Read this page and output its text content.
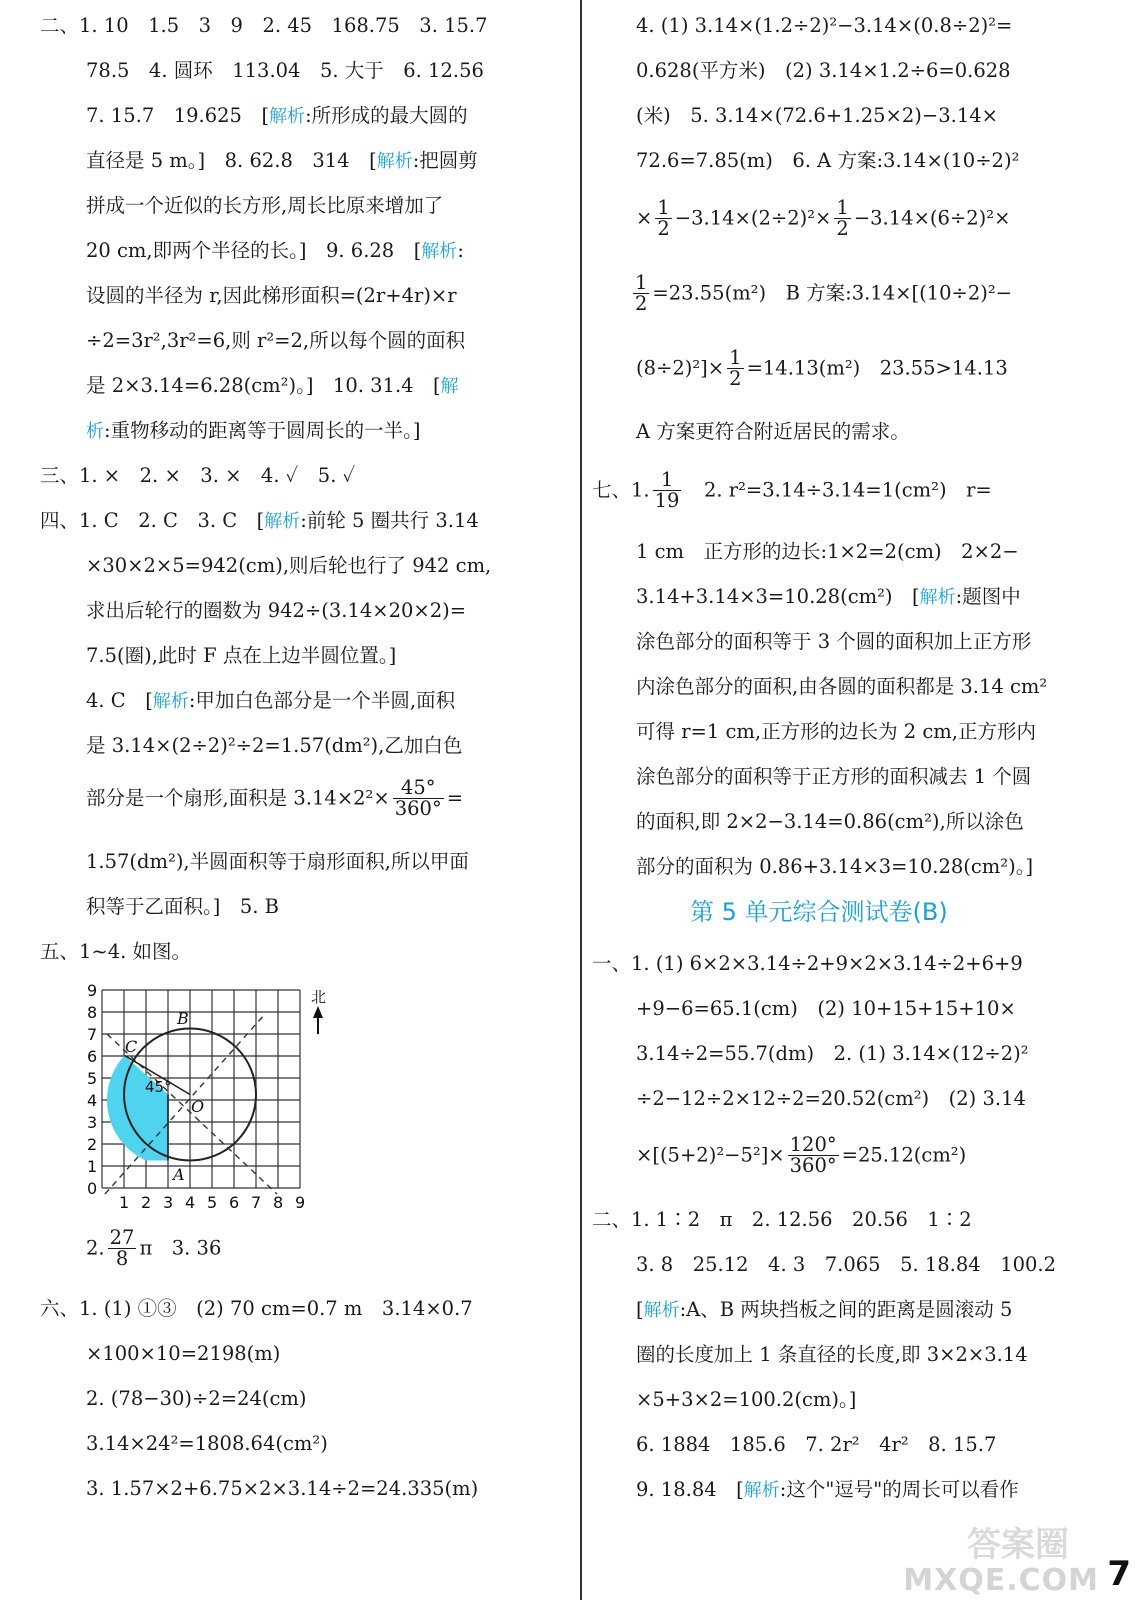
二、1. 10　1.5　3　9　2. 45　168.75　3. 15.7
78.5　4. 圆环　113.04　5. 大于　6. 12.56
7. 15.7　19.625　[解析:所形成的最大圆的
直径是 5 m。]　8. 62.8　314　[解析:把圆剪
拼成一个近似的长方形,周长比原来增加了
20 cm,即两个半径的长。]　9. 6.28　[解析:
设圆的半径为 r,因此梯形面积=(2r+4r)×r
÷2=3r²,3r²=6,则 r²=2,所以每个圆的面积
是 2×3.14=6.28(cm²)。]　10. 31.4　[解
析:重物移动的距离等于圆周长的一半。]
三、1. ×　2. ×　3. ×　4. ✓　5. ✓
四、1. C　2. C　3. C　[解析:前轮 5 圈共行 3.14
×30×2×5=942(cm),则后轮也行了 942 cm,
求出后轮行的圈数为 942÷(3.14×20×2)=
7.5(圈),此时 F 点在上边半圆位置。]
4. C　[解析:甲加白色部分是一个半圆,面积
是 3.14×(2÷2)²÷2=1.57(dm²),乙加白色
部分是一个扇形,面积是 $3.14\times 2^2\times \frac{45^\circ}{360^\circ}$ =
1.57(dm²),半圆面积等于扇形面积,所以甲面
积等于乙面积。]　5. B
五、1~4. 如图。
45°
B
C
O
A
0
1
2
3
4
5
6
7
8
9
1 2 3 4 5 6 7 8 9
北
2. $\frac{27}{8}$ π　3. 36
六、1. (1) ①③　(2) 70 cm=0.7 m　3.14×0.7
×100×10=2198(m)
2. (78−30)÷2=24(cm)
3.14×24²=1808.64(cm²)
3. 1.57×2+6.75×2×3.14÷2=24.335(m)
4. (1) 3.14×(1.2÷2)²−3.14×(0.8÷2)²=
0.628(平方米)　(2) 3.14×1.2÷6=0.628
(米)　5. 3.14×(72.6+1.25×2)−3.14×
72.6=7.85(m)　6. A 方案:3.14×(10÷2)²
× $\frac{1}{2} -3.14\times(2\div 2)^2\times \frac{1}{2} -3.14\times(6\div 2)^2\times$
$\frac{1}{2} =23.55(m^2)$　B 方案:3.14×[(10÷2)²−
$(8\div 2)^2]\times \frac{1}{2} =14.13(m^2)$　23.55>14.13
A 方案更符合附近居民的需求。
七、1. $\frac{1}{19}$ 　2. r²=3.14÷3.14=1(cm²)　r=
1 cm　正方形的边长:1×2=2(cm)　2×2−
3.14+3.14×3=10.28(cm²)　[解析:题图中
涂色部分的面积等于 3 个圆的面积加上正方形
内涂色部分的面积,由各圆的面积都是 3.14 cm²
可得 r=1 cm,正方形的边长为 2 cm,正方形内
涂色部分的面积等于正方形的面积减去 1 个圆
的面积,即 2×2−3.14=0.86(cm²),所以涂色
部分的面积为 0.86+3.14×3=10.28(cm²)。]
第 5 单元综合测试卷(B)
一、1. (1) 6×2×3.14÷2+9×2×3.14÷2+6+9
+9−6=65.1(cm)　(2) 10+15+15+10×
3.14÷2=55.7(dm)　2. (1) 3.14×(12÷2)²
÷2−12÷2×12÷2=20.52(cm²)　(2) 3.14
$\times[(5+2)^2-5^2]\times \frac{120^\circ}{360^\circ} =25.12(cm^2)$
二、1. 1∶2　π　2. 12.56　20.56　1∶2
3. 8　25.12　4. 3　7.065　5. 18.84　100.2
[解析:A、B 两块挡板之间的距离是圆滚动 5
圈的长度加上 1 条直径的长度,即 3×2×3.14
×5+3×2=100.2(cm)。]
6. 1884　185.6　7. 2r²　4r²　8. 15.7
9. 18.84　[解析:这个"逗号"的周长可以看作
答案圈
MXQE.COM 7
